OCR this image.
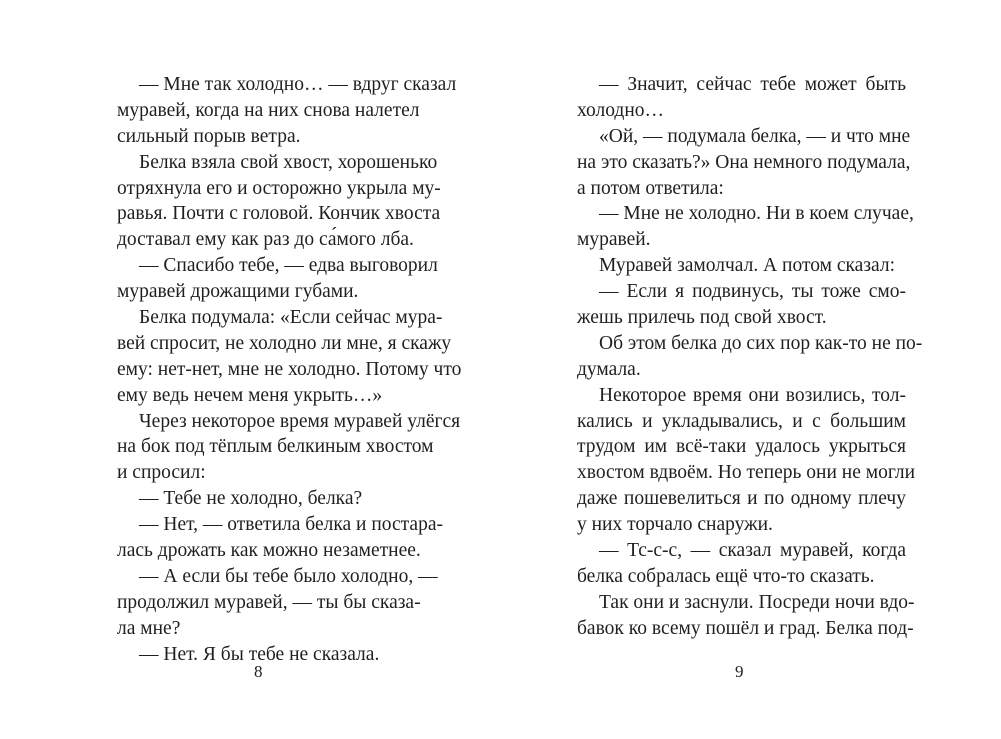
— Мне так холодно… — вдруг сказал
муравей, когда на них снова налетел
сильный порыв ветра.
Белка взяла свой хвост, хорошенько
отряхнула его и осторожно укрыла му-
равья. Почти с головой. Кончик хвоста
доставал ему как раз до са́мого лба.
— Спасибо тебе, — едва выговорил
муравей дрожащими губами.
Белка подумала: «Если сейчас мура-
вей спросит, не холодно ли мне, я скажу
ему: нет-нет, мне не холодно. Потому что
ему ведь нечем меня укрыть…»
Через некоторое время муравей улёгся
на бок под тёплым белкиным хвостом
и спросил:
— Тебе не холодно, белка?
— Нет, — ответила белка и постара-
лась дрожать как можно незаметнее.
— А если бы тебе было холодно, —
продолжил муравей, — ты бы сказа-
ла мне?
— Нет. Я бы тебе не сказала.
— Значит, сейчас тебе может быть
холодно…
«Ой, — подумала белка, — и что мне
на это сказать?» Она немного подумала,
а потом ответила:
— Мне не холодно. Ни в коем случае,
муравей.
Муравей замолчал. А потом сказал:
— Если я подвинусь, ты тоже смо-
жешь прилечь под свой хвост.
Об этом белка до сих пор как-то не по-
думала.
Некоторое время они возились, тол-
кались и укладывались, и с большим
трудом им всё-таки удалось укрыться
хвостом вдвоём. Но теперь они не могли
даже пошевелиться и по одному плечу
у них торчало снаружи.
— Тс-с-с, — сказал муравей, когда
белка собралась ещё что-то сказать.
Так они и заснули. Посреди ночи вдо-
бавок ко всему пошёл и град. Белка под-
8	9
